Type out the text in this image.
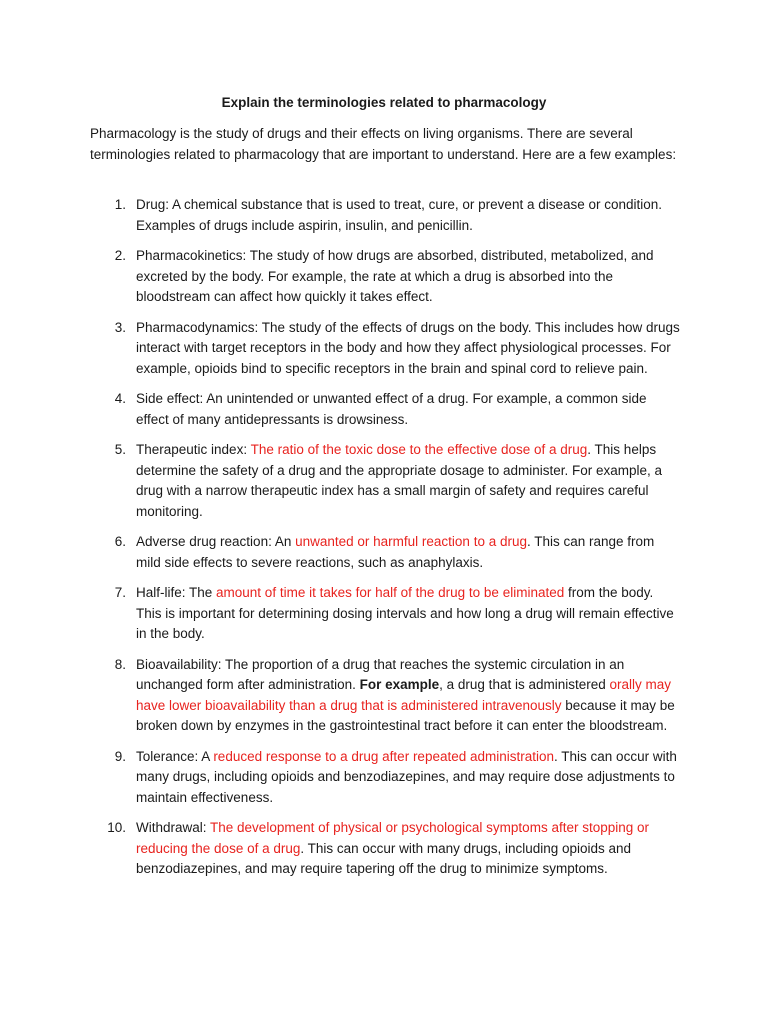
Explain the terminologies related to pharmacology

Pharmacology is the study of drugs and their effects on living organisms. There are several terminologies related to pharmacology that are important to understand. Here are a few examples:

1. Drug: A chemical substance that is used to treat, cure, or prevent a disease or condition. Examples of drugs include aspirin, insulin, and penicillin.
2. Pharmacokinetics: The study of how drugs are absorbed, distributed, metabolized, and excreted by the body. For example, the rate at which a drug is absorbed into the bloodstream can affect how quickly it takes effect.
3. Pharmacodynamics: The study of the effects of drugs on the body. This includes how drugs interact with target receptors in the body and how they affect physiological processes. For example, opioids bind to specific receptors in the brain and spinal cord to relieve pain.
4. Side effect: An unintended or unwanted effect of a drug. For example, a common side effect of many antidepressants is drowsiness.
5. Therapeutic index: The ratio of the toxic dose to the effective dose of a drug. This helps determine the safety of a drug and the appropriate dosage to administer. For example, a drug with a narrow therapeutic index has a small margin of safety and requires careful monitoring.
6. Adverse drug reaction: An unwanted or harmful reaction to a drug. This can range from mild side effects to severe reactions, such as anaphylaxis.
7. Half-life: The amount of time it takes for half of the drug to be eliminated from the body. This is important for determining dosing intervals and how long a drug will remain effective in the body.
8. Bioavailability: The proportion of a drug that reaches the systemic circulation in an unchanged form after administration. For example, a drug that is administered orally may have lower bioavailability than a drug that is administered intravenously because it may be broken down by enzymes in the gastrointestinal tract before it can enter the bloodstream.
9. Tolerance: A reduced response to a drug after repeated administration. This can occur with many drugs, including opioids and benzodiazepines, and may require dose adjustments to maintain effectiveness.
10. Withdrawal: The development of physical or psychological symptoms after stopping or reducing the dose of a drug. This can occur with many drugs, including opioids and benzodiazepines, and may require tapering off the drug to minimize symptoms.
